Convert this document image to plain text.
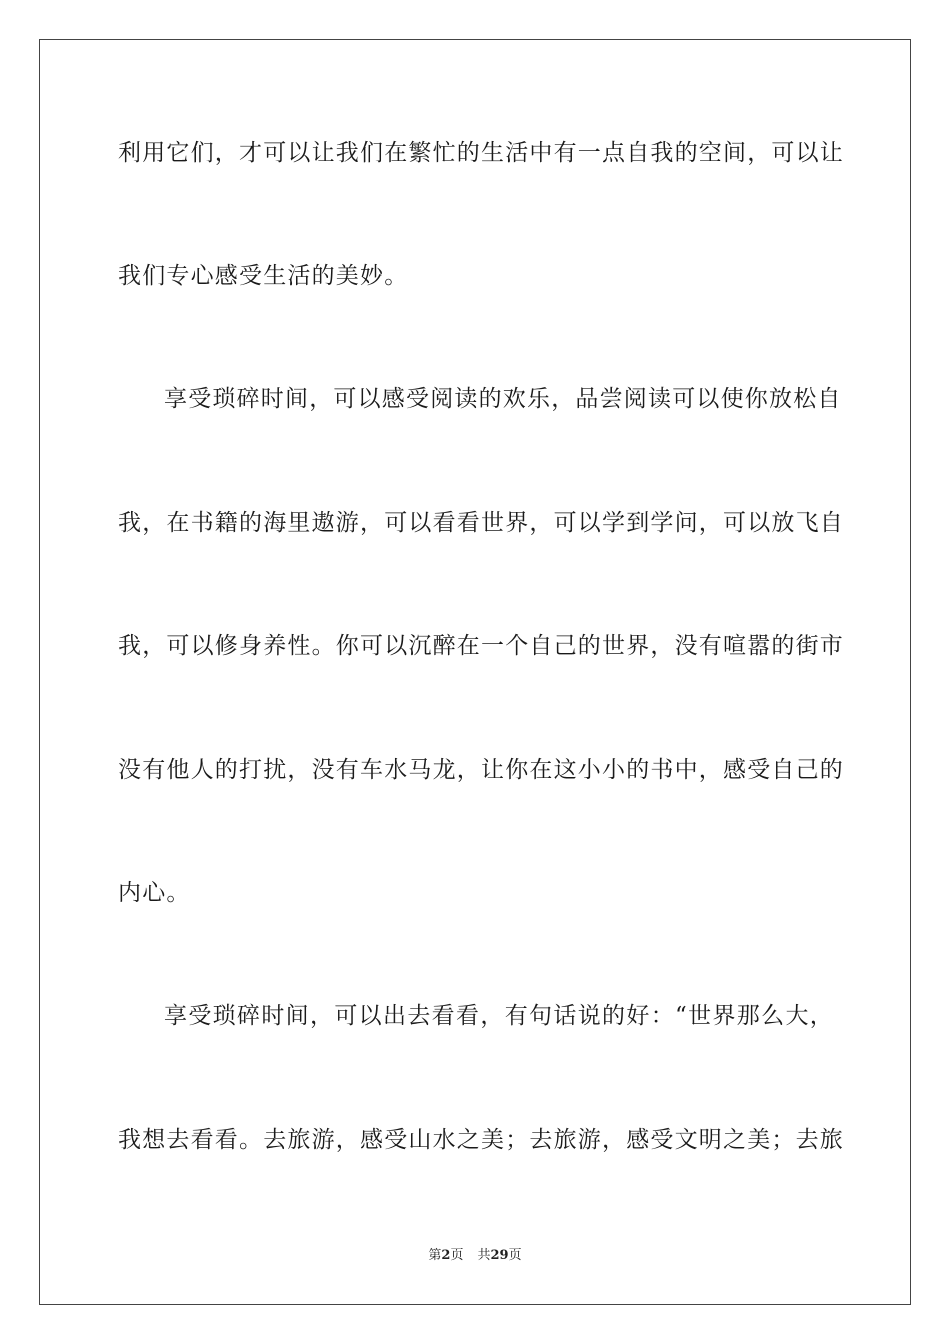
利用它们，才可以让我们在繁忙的生活中有一点自我的空间，可以让
我们专心感受生活的美妙。
享受琐碎时间，可以感受阅读的欢乐，品尝阅读可以使你放松自
我，在书籍的海里遨游，可以看看世界，可以学到学问，可以放飞自
我，可以修身养性。你可以沉醉在一个自己的世界，没有喧嚣的街市
没有他人的打扰，没有车水马龙，让你在这小小的书中，感受自己的
内心。
享受琐碎时间，可以出去看看，有句话说的好：“世界那么大，
我想去看看。去旅游，感受山水之美；去旅游，感受文明之美；去旅
第2页 共29页
